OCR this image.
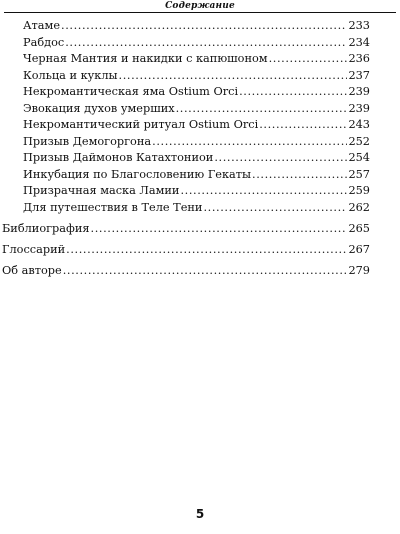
Содержание
Атаме .....	233
Рабдос .....	234
Черная Мантия и накидки с капюшоном .....	236
Кольца и куклы .....	237
Некромантическая яма Ostium Orci .....	239
Эвокация духов умерших .....	239
Некромантический ритуал Ostium Orci .....	243
Призыв Демогоргона .....	252
Призыв Даймонов Катахтониои .....	254
Инкубация по Благословению Гекаты .....	257
Призрачная маска Ламии .....	259
Для путешествия в Теле Тени .....	262
Библиография .....	265
Глоссарий .....	267
Об авторе .....	279
5
